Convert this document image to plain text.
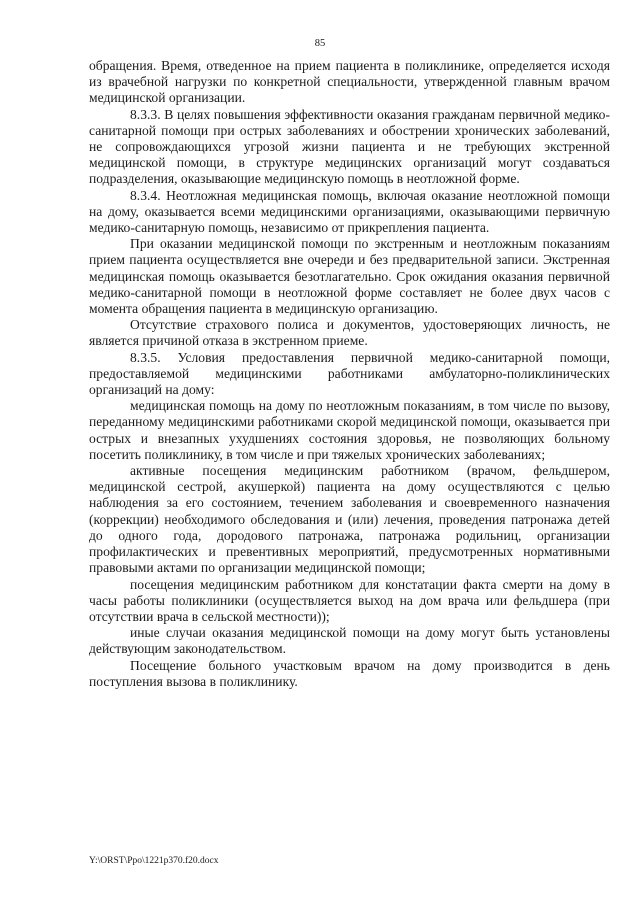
85

обращения. Время, отведенное на прием пациента в поликлинике, определяется исходя из врачебной нагрузки по конкретной специальности, утвержденной главным врачом медицинской организации.

8.3.3. В целях повышения эффективности оказания гражданам первичной медико-санитарной помощи при острых заболеваниях и обострении хронических заболеваний, не сопровождающихся угрозой жизни пациента и не требующих экстренной медицинской помощи, в структуре медицинских организаций могут создаваться подразделения, оказывающие медицинскую помощь в неотложной форме.

8.3.4. Неотложная медицинская помощь, включая оказание неотложной помощи на дому, оказывается всеми медицинскими организациями, оказывающими первичную медико-санитарную помощь, независимо от прикрепления пациента.

При оказании медицинской помощи по экстренным и неотложным показаниям прием пациента осуществляется вне очереди и без предварительной записи. Экстренная медицинская помощь оказывается безотлагательно. Срок ожидания оказания первичной медико-санитарной помощи в неотложной форме составляет не более двух часов с момента обращения пациента в медицинскую организацию.

Отсутствие страхового полиса и документов, удостоверяющих личность, не является причиной отказа в экстренном приеме.

8.3.5. Условия предоставления первичной медико-санитарной помощи, предоставляемой медицинскими работниками амбулаторно-поликлинических организаций на дому:

медицинская помощь на дому по неотложным показаниям, в том числе по вызову, переданному медицинскими работниками скорой медицинской помощи, оказывается при острых и внезапных ухудшениях состояния здоровья, не позволяющих больному посетить поликлинику, в том числе и при тяжелых хронических заболеваниях;

активные посещения медицинским работником (врачом, фельдшером, медицинской сестрой, акушеркой) пациента на дому осуществляются с целью наблюдения за его состоянием, течением заболевания и своевременного назначения (коррекции) необходимого обследования и (или) лечения, проведения патронажа детей до одного года, дородового патронажа, патронажа родильниц, организации профилактических и превентивных мероприятий, предусмотренных нормативными правовыми актами по организации медицинской помощи;

посещения медицинским работником для констатации факта смерти на дому в часы работы поликлиники (осуществляется выход на дом врача или фельдшера (при отсутствии врача в сельской местности));

иные случаи оказания медицинской помощи на дому могут быть установлены действующим законодательством.

Посещение больного участковым врачом на дому производится в день поступления вызова в поликлинику.

Y:\ORST\Ppo\1221p370.f20.docx
